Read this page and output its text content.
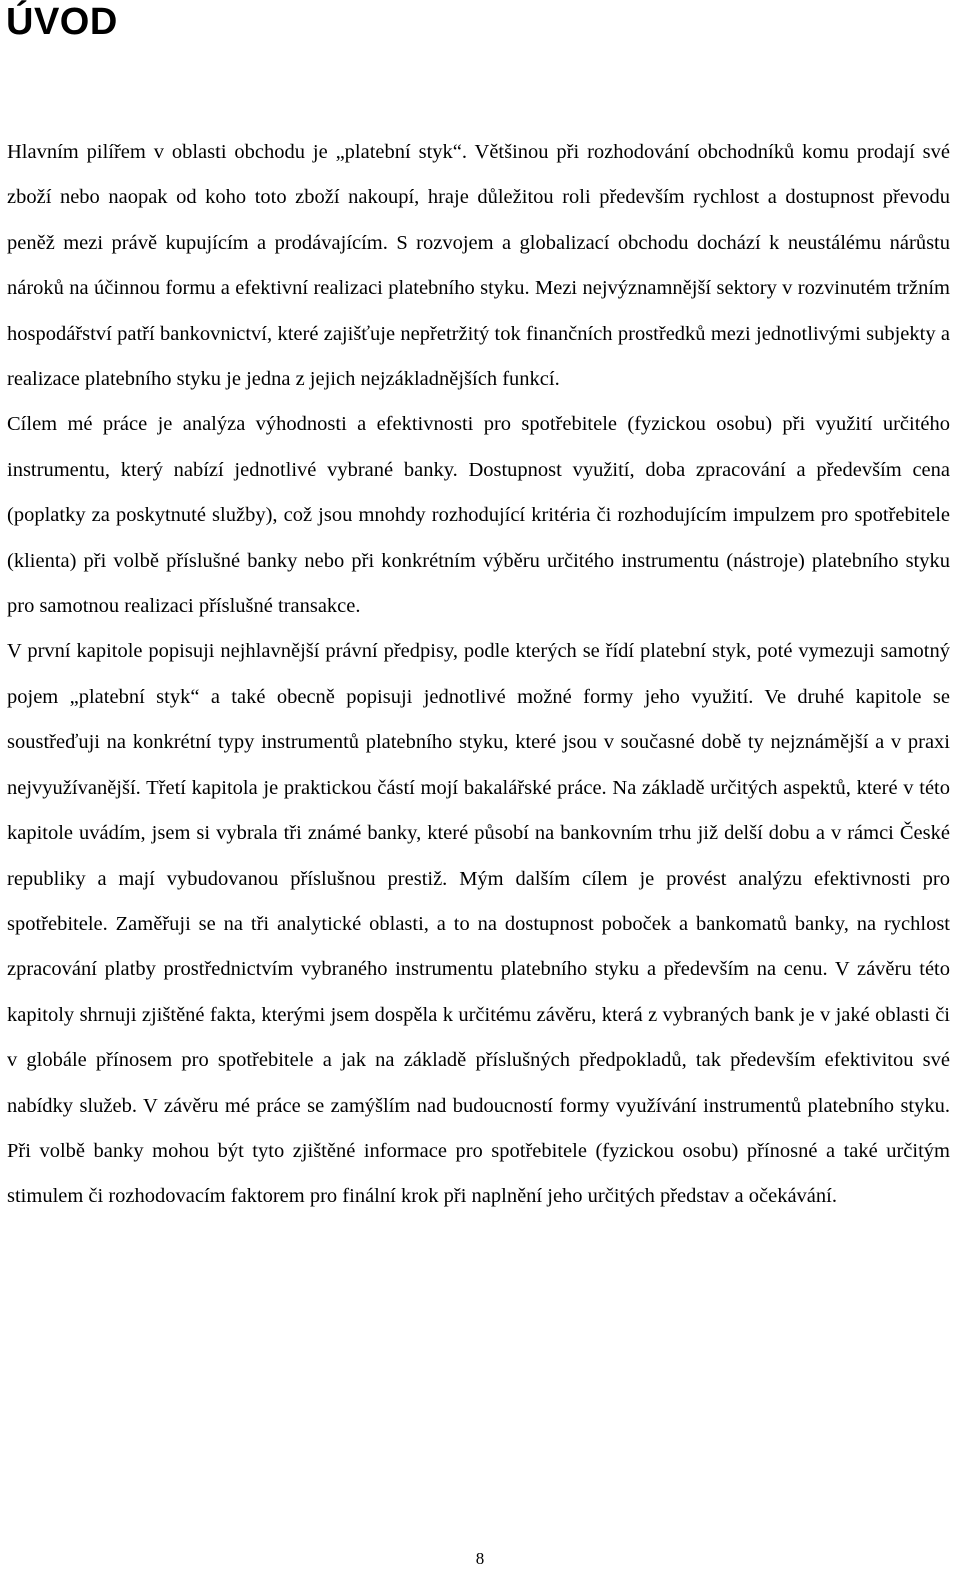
ÚVOD

Hlavním pilířem v oblasti obchodu je „platební styk“. Většinou při rozhodování obchodníků komu prodají své zboží nebo naopak od koho toto zboží nakoupí, hraje důležitou roli především rychlost a dostupnost převodu peněž mezi právě kupujícím a prodávajícím. S rozvojem a globalizací obchodu dochází k neustálému nárůstu nároků na účinnou formu a efektivní realizaci platebního styku. Mezi nejvýznamnější sektory v rozvinutém tržním hospodářství patří bankovnictví, které zajišťuje nepřetržitý tok finančních prostředků mezi jednotlivými subjekty a realizace platebního styku je jedna z jejich nejzákladnějších funkcí.

Cílem mé práce je analýza výhodnosti a efektivnosti pro spotřebitele (fyzickou osobu) při využití určitého instrumentu, který nabízí jednotlivé vybrané banky. Dostupnost využití, doba zpracování a především cena (poplatky za poskytnuté služby), což jsou mnohdy rozhodující kritéria či rozhodujícím impulzem pro spotřebitele (klienta) při volbě příslušné banky nebo při konkrétním výběru určitého instrumentu (nástroje) platebního styku pro samotnou realizaci příslušné transakce.

V první kapitole popisuji nejhlavnější právní předpisy, podle kterých se řídí platební styk, poté vymezuji samotný pojem „platební styk“ a také obecně popisuji jednotlivé možné formy jeho využití. Ve druhé kapitole se soustřeďuji na konkrétní typy instrumentů platebního styku, které jsou v současné době ty nejznámější a v praxi nejvyužívanější. Třetí kapitola je praktickou částí mojí bakalářské práce. Na základě určitých aspektů, které v této kapitole uvádím, jsem si vybrala tři známé banky, které působí na bankovním trhu již delší dobu a v rámci České republiky a mají vybudovanou příslušnou prestiž. Mým dalším cílem je provést analýzu efektivnosti pro spotřebitele. Zaměřuji se na tři analytické oblasti, a to na dostupnost poboček a bankomatů banky, na rychlost zpracování platby prostřednictvím vybraného instrumentu platebního styku a především na cenu. V závěru této kapitoly shrnuji zjištěné fakta, kterými jsem dospěla k určitému závěru, která z vybraných bank je v jaké oblasti či v globále přínosem pro spotřebitele a jak na základě příslušných předpokladů, tak především efektivitou své nabídky služeb. V závěru mé práce se zamýšlím nad budoucností formy využívání instrumentů platebního styku. Při volbě banky mohou být tyto zjištěné informace pro spotřebitele (fyzickou osobu) přínosné a také určitým stimulem či rozhodovacím faktorem pro finální krok při naplnění jeho určitých představ a očekávání.

8
